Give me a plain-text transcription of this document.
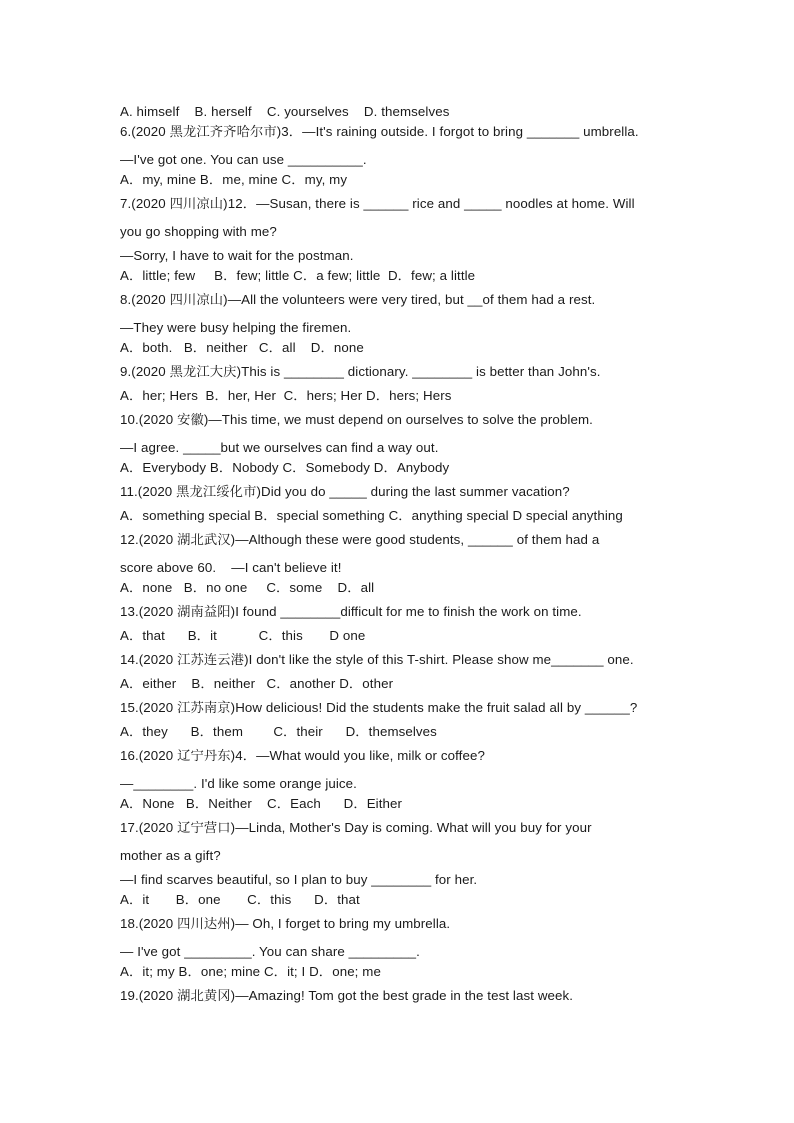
A. himself    B. herself    C. yourselves    D. themselves
6.(2020 黑龙江齐齐哈尔市)3．—It's raining outside. I forgot to bring _______ umbrella.
—I've got one. You can use __________.
A．my, mine B．me, mine C．my, my
7.(2020 四川凉山)12．—Susan, there is ______ rice and _____ noodles at home. Will
you go shopping with me?
—Sorry, I have to wait for the postman.
A．little; few     B．few; little C．a few; little  D．few; a little
8.(2020 四川凉山)—All the volunteers were very tired, but __of them had a rest.
—They were busy helping the firemen.
A．both.   B．neither   C．all    D．none
9.(2020 黑龙江大庆)This is ________ dictionary. ________ is better than John's.
A．her; Hers  B．her, Her  C．hers; Her D．hers; Hers
10.(2020 安徽)—This time, we must depend on ourselves to solve the problem.
—I agree. _____but we ourselves can find a way out.
A．Everybody B．Nobody C．Somebody D．Anybody
11.(2020 黑龙江绥化市)Did you do _____ during the last summer vacation?
A．something special B．special something C．anything special D special anything
12.(2020 湖北武汉)—Although these were good students, ______ of them had a
score above 60.    —I can't believe it!
A．none   B．no one     C．some    D．all
13.(2020 湖南益阳)I found ________difficult for me to finish the work on time.
A．that      B．it           C．this       D one
14.(2020 江苏连云港)I don't like the style of this T-shirt. Please show me_______ one.
A．either    B．neither   C．another D．other
15.(2020 江苏南京)How delicious! Did the students make the fruit salad all by ______?
A．they      B．them        C．their      D．themselves
16.(2020 辽宁丹东)4．—What would you like, milk or coffee?
—________. I'd like some orange juice.
A．None   B．Neither    C．Each      D．Either
17.(2020 辽宁营口)—Linda, Mother's Day is coming. What will you buy for your
mother as a gift?
—I find scarves beautiful, so I plan to buy ________ for her.
A．it       B．one       C．this      D．that
18.(2020 四川达州)— Oh, I forget to bring my umbrella.
— I've got _________. You can share _________.
A．it; my B．one; mine C．it; I D．one; me
19.(2020 湖北黄冈)—Amazing! Tom got the best grade in the test last week.
